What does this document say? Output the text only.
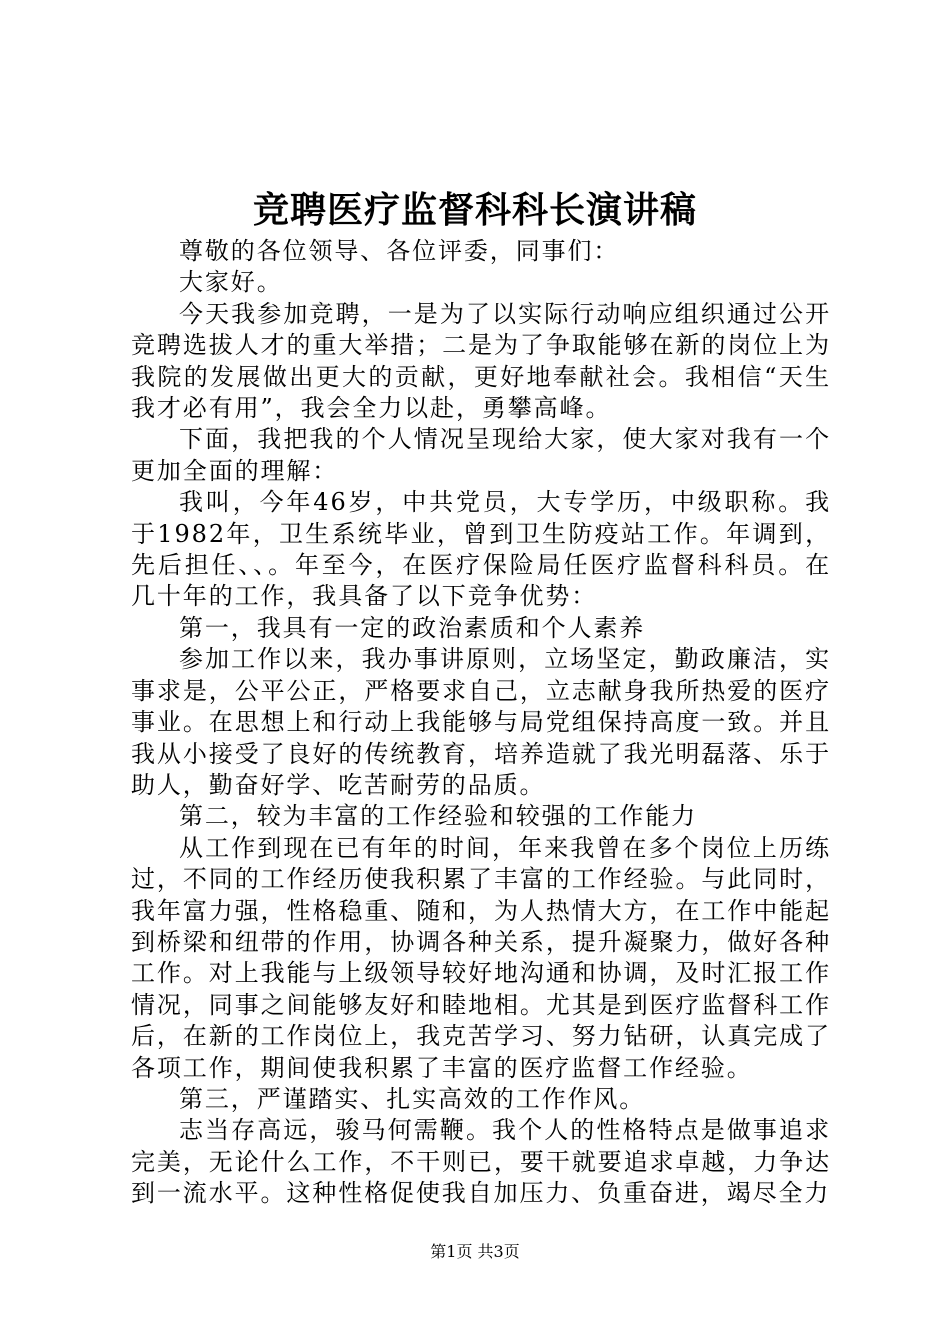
竞聘医疗监督科科长演讲稿

尊敬的各位领导、各位评委，同事们：

大家好。

今天我参加竞聘，一是为了以实际行动响应组织通过公开竞聘选拔人才的重大举措；二是为了争取能够在新的岗位上为我院的发展做出更大的贡献，更好地奉献社会。我相信“天生我才必有用”，我会全力以赴，勇攀高峰。

下面，我把我的个人情况呈现给大家，使大家对我有一个更加全面的理解：

我叫，今年46岁，中共党员，大专学历，中级职称。我于1982年，卫生系统毕业，曾到卫生防疫站工作。年调到，先后担任、、。年至今，在医疗保险局任医疗监督科科员。在几十年的工作，我具备了以下竞争优势：

第一，我具有一定的政治素质和个人素养

参加工作以来，我办事讲原则，立场坚定，勤政廉洁，实事求是，公平公正，严格要求自己，立志献身我所热爱的医疗事业。在思想上和行动上我能够与局党组保持高度一致。并且我从小接受了良好的传统教育，培养造就了我光明磊落、乐于助人，勤奋好学、吃苦耐劳的品质。

第二，较为丰富的工作经验和较强的工作能力

从工作到现在已有年的时间，年来我曾在多个岗位上历练过，不同的工作经历使我积累了丰富的工作经验。与此同时，我年富力强，性格稳重、随和，为人热情大方，在工作中能起到桥梁和纽带的作用，协调各种关系，提升凝聚力，做好各种工作。对上我能与上级领导较好地沟通和协调，及时汇报工作情况，同事之间能够友好和睦地相。尤其是到医疗监督科工作后，在新的工作岗位上，我克苦学习、努力钻研，认真完成了各项工作，期间使我积累了丰富的医疗监督工作经验。

第三，严谨踏实、扎实高效的工作作风。

志当存高远，骏马何需鞭。我个人的性格特点是做事追求完美，无论什么工作，不干则已，要干就要追求卓越，力争达到一流水平。这种性格促使我自加压力、负重奋进，竭尽全力

第1页 共3页
